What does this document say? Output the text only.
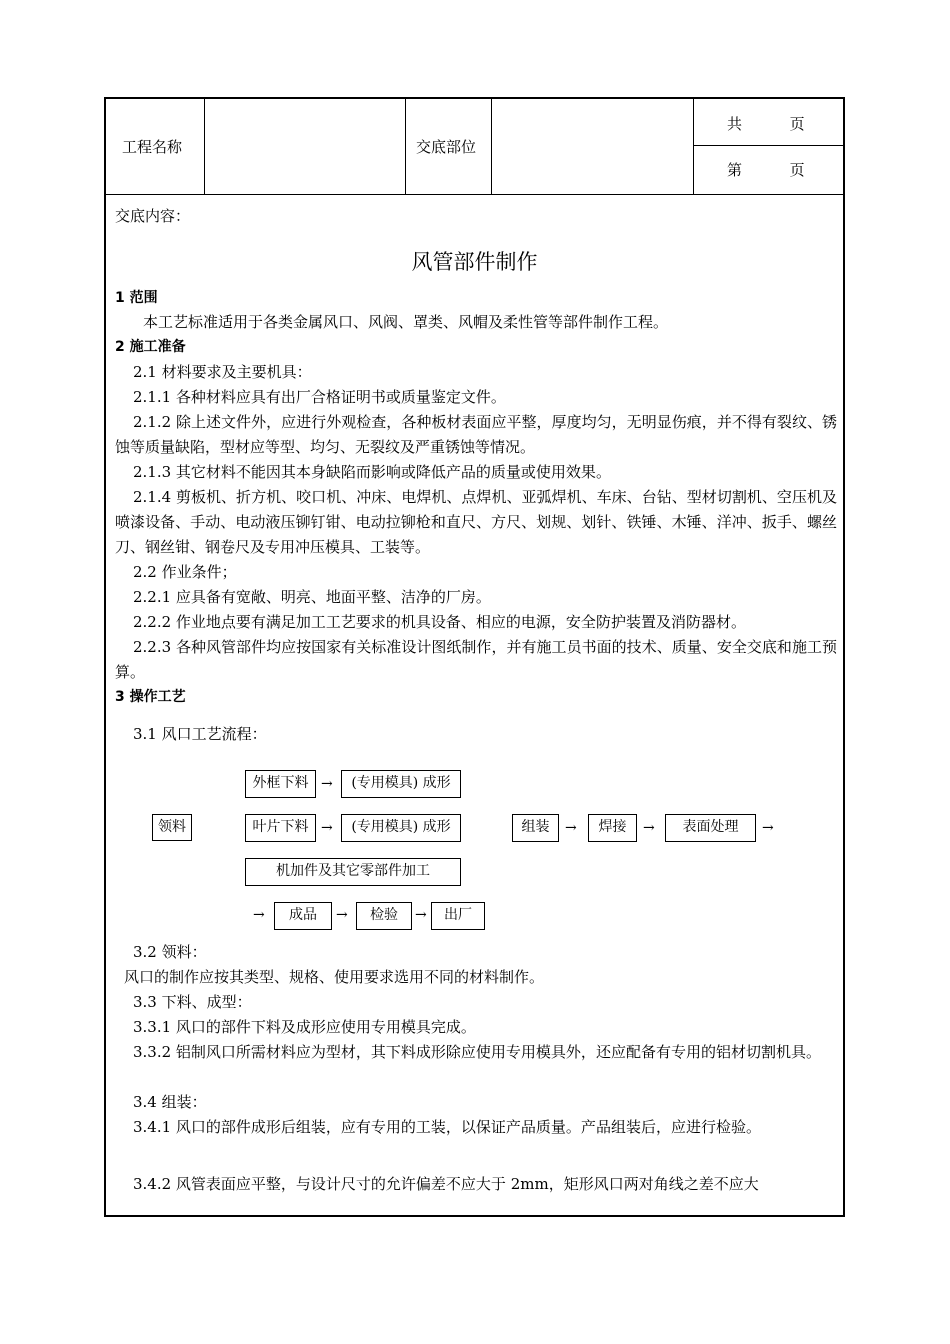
工程名称	交底部位
共          页
第          页
交底内容：
风管部件制作
1 范围
本工艺标准适用于各类金属风口、风阀、罩类、风帽及柔性管等部件制作工程。
2 施工准备
2.1 材料要求及主要机具：
2.1.1 各种材料应具有出厂合格证明书或质量鉴定文件。
2.1.2 除上述文件外，应进行外观检查，各种板材表面应平整，厚度均匀，无明显伤痕，并不得有裂纹、锈蚀等质量缺陷，型材应等型、均匀、无裂纹及严重锈蚀等情况。
2.1.3 其它材料不能因其本身缺陷而影响或降低产品的质量或使用效果。
2.1.4 剪板机、折方机、咬口机、冲床、电焊机、点焊机、亚弧焊机、车床、台钻、型材切割机、空压机及喷漆设备、手动、电动液压铆钉钳、电动拉铆枪和直尺、方尺、划规、划针、铁锤、木锤、洋冲、扳手、螺丝刀、钢丝钳、钢卷尺及专用冲压模具、工装等。
2.2 作业条件；
2.2.1 应具备有宽敞、明亮、地面平整、洁净的厂房。
2.2.2 作业地点要有满足加工工艺要求的机具设备、相应的电源，安全防护装置及消防器材。
2.2.3 各种风管部件均应按国家有关标准设计图纸制作，并有施工员书面的技术、质量、安全交底和施工预算。
3 操作工艺
3.1 风口工艺流程：
领料
外框下料 →	(专用模具) 成形
叶片下料 →	(专用模具) 成形
机加件及其它零部件加工
组装	→	焊接	→	表面处理	→
→	成品	→	检验	→	出厂
3.2 领料：
风口的制作应按其类型、规格、使用要求选用不同的材料制作。
3.3 下料、成型：
3.3.1 风口的部件下料及成形应使用专用模具完成。
3.3.2 铝制风口所需材料应为型材，其下料成形除应使用专用模具外，还应配备有专用的铝材切割机具。
3.4 组装：
3.4.1 风口的部件成形后组装，应有专用的工装，以保证产品质量。产品组装后，应进行检验。
3.4.2 风管表面应平整，与设计尺寸的允许偏差不应大于 2mm，矩形风口两对角线之差不应大
